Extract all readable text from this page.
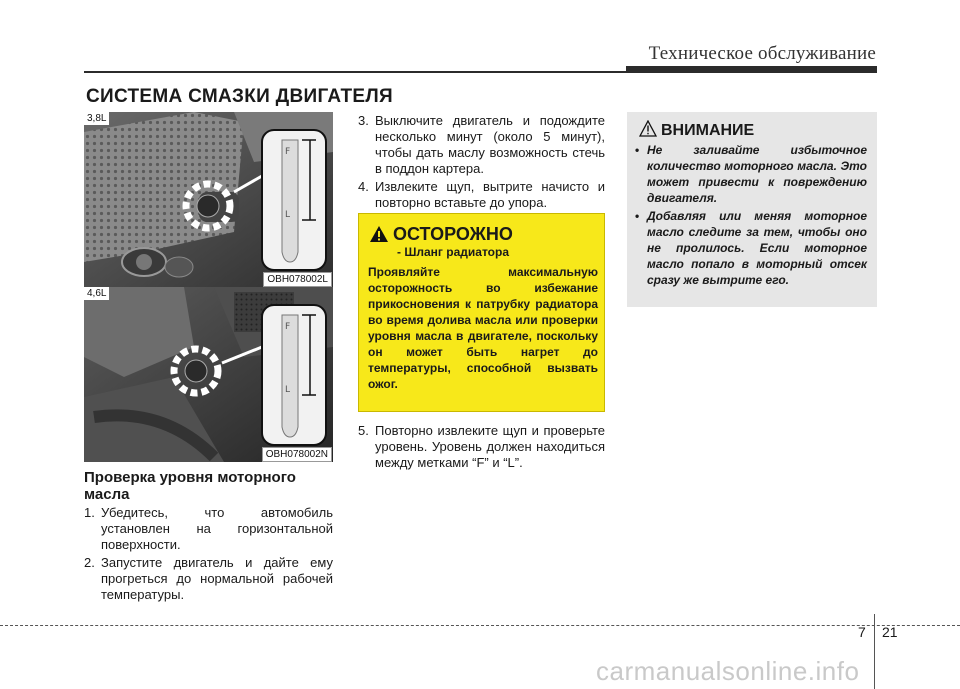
Техническое обслуживание
СИСТЕМА СМАЗКИ ДВИГАТЕЛЯ
F
L
3,8L
OBH078002L
F
L
4,6L
OBH078002N
Проверка уровня моторного масла
1. Убедитесь, что автомобиль установлен на горизонтальной поверхности.
2. Запустите двигатель и дайте ему прогреться до нормальной рабочей температуры.
3. Выключите двигатель и подождите несколько минут (около 5 минут), чтобы дать маслу возможность стечь в поддон картера.
4. Извлеките щуп, вытрите начисто и повторно вставьте до упора.
ОСТОРОЖНО
- Шланг радиатора
Проявляйте максимальную осторожность во избежание прикосновения к патрубку радиатора во время долива масла или проверки уровня масла в двигателе, поскольку он может быть нагрет до температуры, способной вызвать ожог.
5. Повторно извлеките щуп и проверьте уровень. Уровень должен находиться между метками “F” и “L”.
ВНИМАНИЕ
• Не заливайте избыточное количество моторного масла. Это может привести к повреждению двигателя.
• Добавляя или меняя моторное масло следите за тем, чтобы оно не пролилось. Если моторное масло попало в моторный отсек сразу же вытрите его.
7 21
carmanualsonline.info
